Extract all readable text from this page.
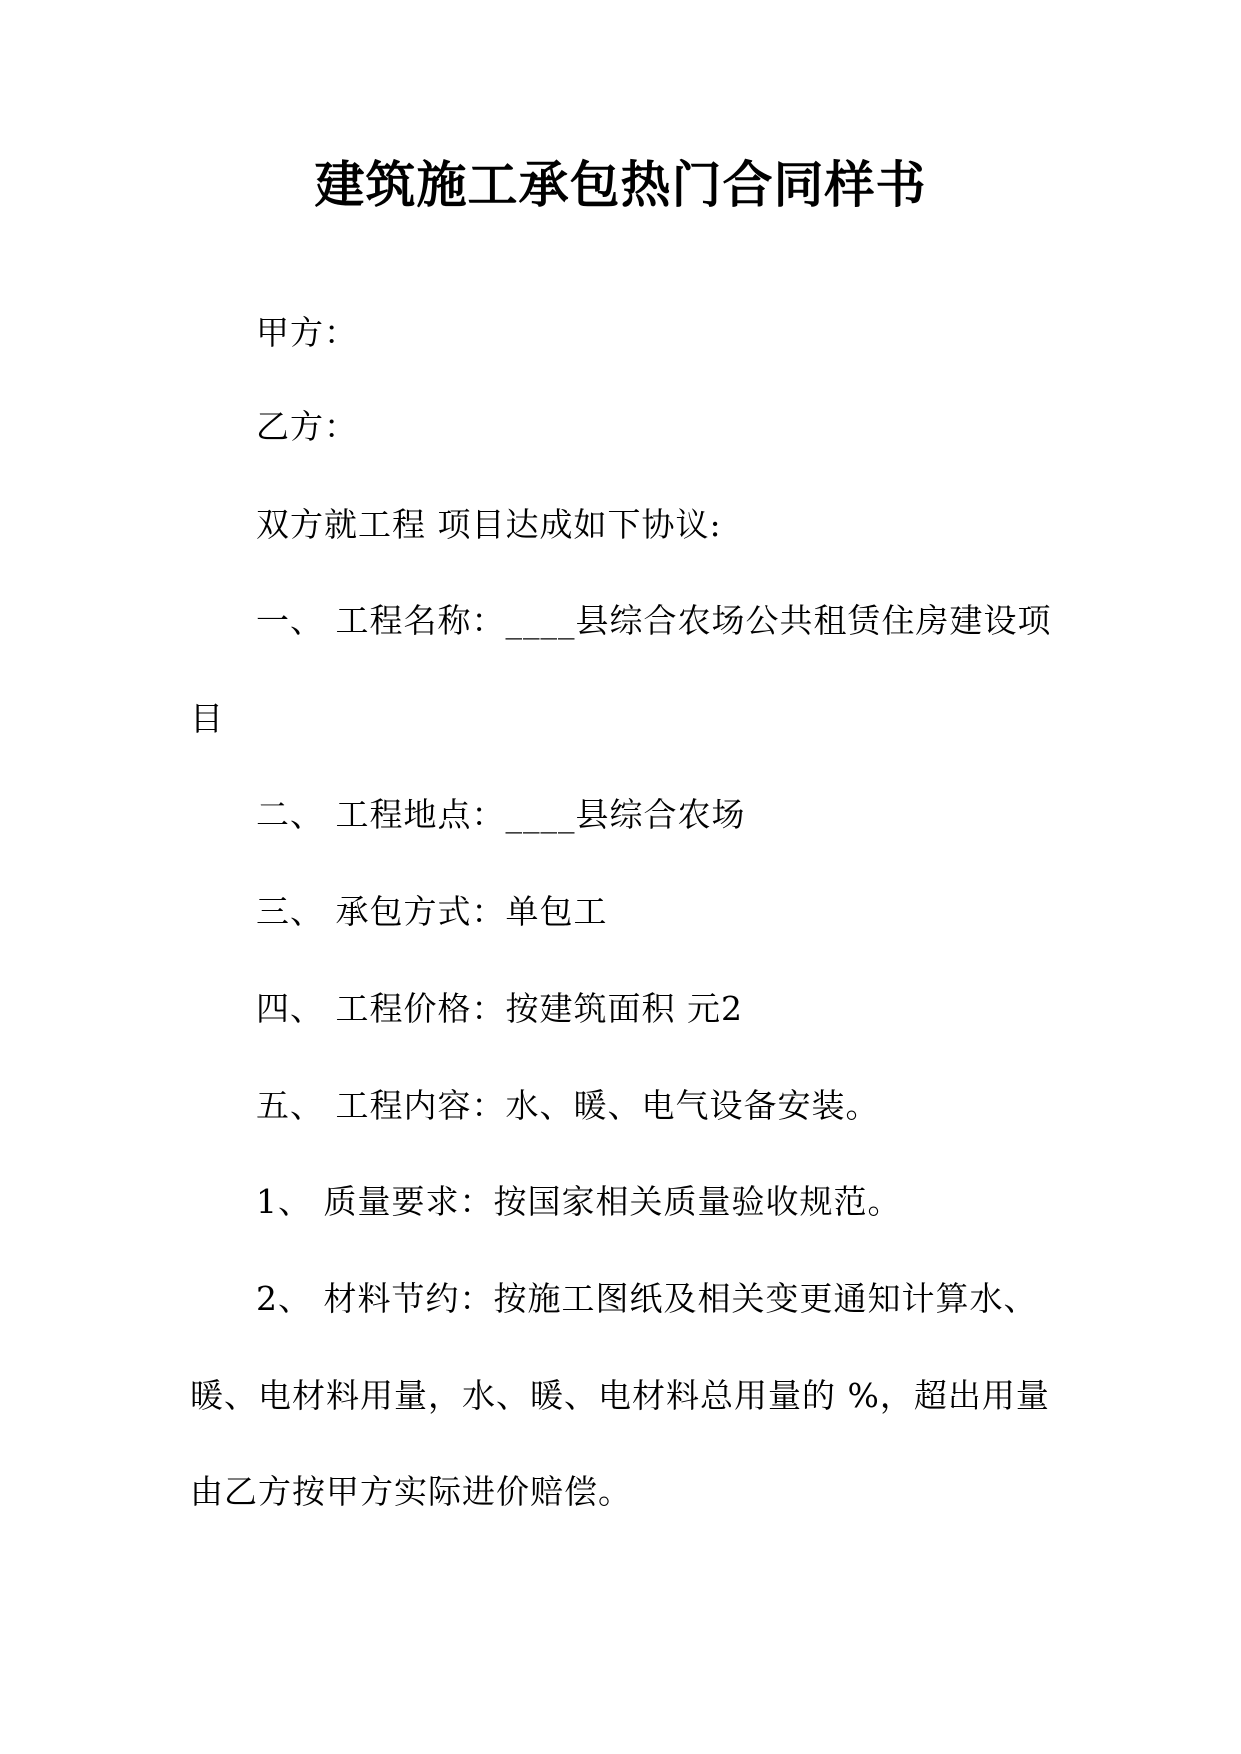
建筑施工承包热门合同样书
甲方：
乙方：
双方就工程 项目达成如下协议:
一、 工程名称：____县综合农场公共租赁住房建设项
目
二、 工程地点：____县综合农场
三、 承包方式：单包工
四、 工程价格：按建筑面积 元2
五、 工程内容：水、暖、电气设备安装。
1、 质量要求：按国家相关质量验收规范。
2、 材料节约：按施工图纸及相关变更通知计算水、
暖、电材料用量，水、暖、电材料总用量的 %，超出用量
由乙方按甲方实际进价赔偿。
